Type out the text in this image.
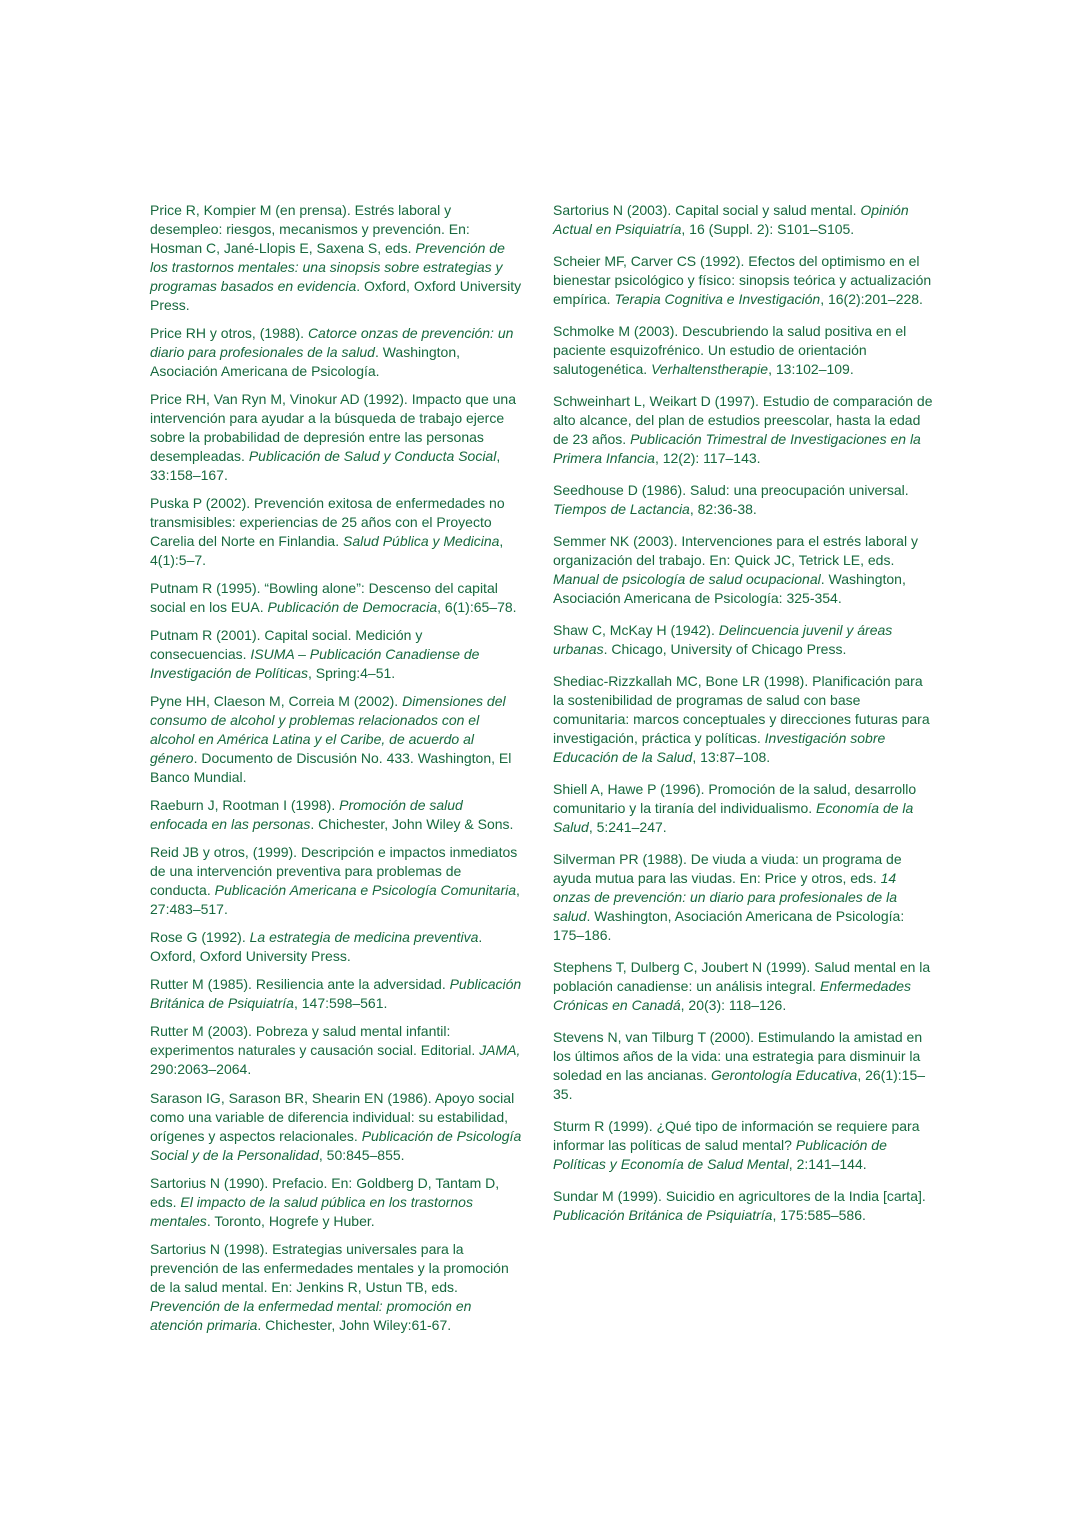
Price R, Kompier M (en prensa). Estrés laboral y desempleo: riesgos, mecanismos y prevención. En: Hosman C, Jané-Llopis E, Saxena S, eds. Prevención de los trastornos mentales: una sinopsis sobre estrategias y programas basados en evidencia. Oxford, Oxford University Press.

Price RH y otros, (1988). Catorce onzas de prevención: un diario para profesionales de la salud. Washington, Asociación Americana de Psicología.

Price RH, Van Ryn M, Vinokur AD (1992). Impacto que una intervención para ayudar a la búsqueda de trabajo ejerce sobre la probabilidad de depresión entre las personas desempleadas. Publicación de Salud y Conducta Social, 33:158–167.

Puska P (2002). Prevención exitosa de enfermedades no transmisibles: experiencias de 25 años con el Proyecto Carelia del Norte en Finlandia. Salud Pública y Medicina, 4(1):5–7.

Putnam R (1995). “Bowling alone”: Descenso del capital social en los EUA. Publicación de Democracia, 6(1):65–78.

Putnam R (2001). Capital social. Medición y consecuencias. ISUMA – Publicación Canadiense de Investigación de Políticas, Spring:4–51.

Pyne HH, Claeson M, Correia M (2002). Dimensiones del consumo de alcohol y problemas relacionados con el alcohol en América Latina y el Caribe, de acuerdo al género. Documento de Discusión No. 433. Washington, El Banco Mundial.

Raeburn J, Rootman I (1998). Promoción de salud enfocada en las personas. Chichester, John Wiley & Sons.

Reid JB y otros, (1999). Descripción e impactos inmediatos de una intervención preventiva para problemas de conducta. Publicación Americana e Psicología Comunitaria, 27:483–517.

Rose G (1992). La estrategia de medicina preventiva. Oxford, Oxford University Press.

Rutter M (1985). Resiliencia ante la adversidad. Publicación Británica de Psiquiatría, 147:598–561.

Rutter M (2003). Pobreza y salud mental infantil: experimentos naturales y causación social. Editorial. JAMA, 290:2063–2064.

Sarason IG, Sarason BR, Shearin EN (1986). Apoyo social como una variable de diferencia individual: su estabilidad, orígenes y aspectos relacionales. Publicación de Psicología Social y de la Personalidad, 50:845–855.

Sartorius N (1990). Prefacio. En: Goldberg D, Tantam D, eds. El impacto de la salud pública en los trastornos mentales. Toronto, Hogrefe y Huber.

Sartorius N (1998). Estrategias universales para la prevención de las enfermedades mentales y la promoción de la salud mental. En: Jenkins R, Ustun TB, eds. Prevención de la enfermedad mental: promoción en atención primaria. Chichester, John Wiley:61-67.

Sartorius N (2003). Capital social y salud mental. Opinión Actual en Psiquiatría, 16 (Suppl. 2): S101–S105.

Scheier MF, Carver CS (1992). Efectos del optimismo en el bienestar psicológico y físico: sinopsis teórica y actualización empírica. Terapia Cognitiva e Investigación, 16(2):201–228.

Schmolke M (2003). Descubriendo la salud positiva en el paciente esquizofrénico. Un estudio de orientación salutogenética. Verhaltenstherapie, 13:102–109.

Schweinhart L, Weikart D (1997). Estudio de comparación de alto alcance, del plan de estudios preescolar, hasta la edad de 23 años. Publicación Trimestral de Investigaciones en la Primera Infancia, 12(2): 117–143.

Seedhouse D (1986). Salud: una preocupación universal. Tiempos de Lactancia, 82:36-38.

Semmer NK (2003). Intervenciones para el estrés laboral y organización del trabajo. En: Quick JC, Tetrick LE, eds. Manual de psicología de salud ocupacional. Washington, Asociación Americana de Psicología: 325-354.

Shaw C, McKay H (1942). Delincuencia juvenil y áreas urbanas. Chicago, University of Chicago Press.

Shediac-Rizzkallah MC, Bone LR (1998). Planificación para la sostenibilidad de programas de salud con base comunitaria: marcos conceptuales y direcciones futuras para investigación, práctica y políticas. Investigación sobre Educación de la Salud, 13:87–108.

Shiell A, Hawe P (1996). Promoción de la salud, desarrollo comunitario y la tiranía del individualismo. Economía de la Salud, 5:241–247.

Silverman PR (1988). De viuda a viuda: un programa de ayuda mutua para las viudas. En: Price y otros, eds. 14 onzas de prevención: un diario para profesionales de la salud. Washington, Asociación Americana de Psicología: 175–186.

Stephens T, Dulberg C, Joubert N (1999). Salud mental en la población canadiense: un análisis integral. Enfermedades Crónicas en Canadá, 20(3): 118–126.

Stevens N, van Tilburg T (2000). Estimulando la amistad en los últimos años de la vida: una estrategia para disminuir la soledad en las ancianas. Gerontología Educativa, 26(1):15–35.

Sturm R (1999). ¿Qué tipo de información se requiere para informar las políticas de salud mental? Publicación de Políticas y Economía de Salud Mental, 2:141–144.

Sundar M (1999). Suicidio en agricultores de la India [carta]. Publicación Británica de Psiquiatría, 175:585–586.
